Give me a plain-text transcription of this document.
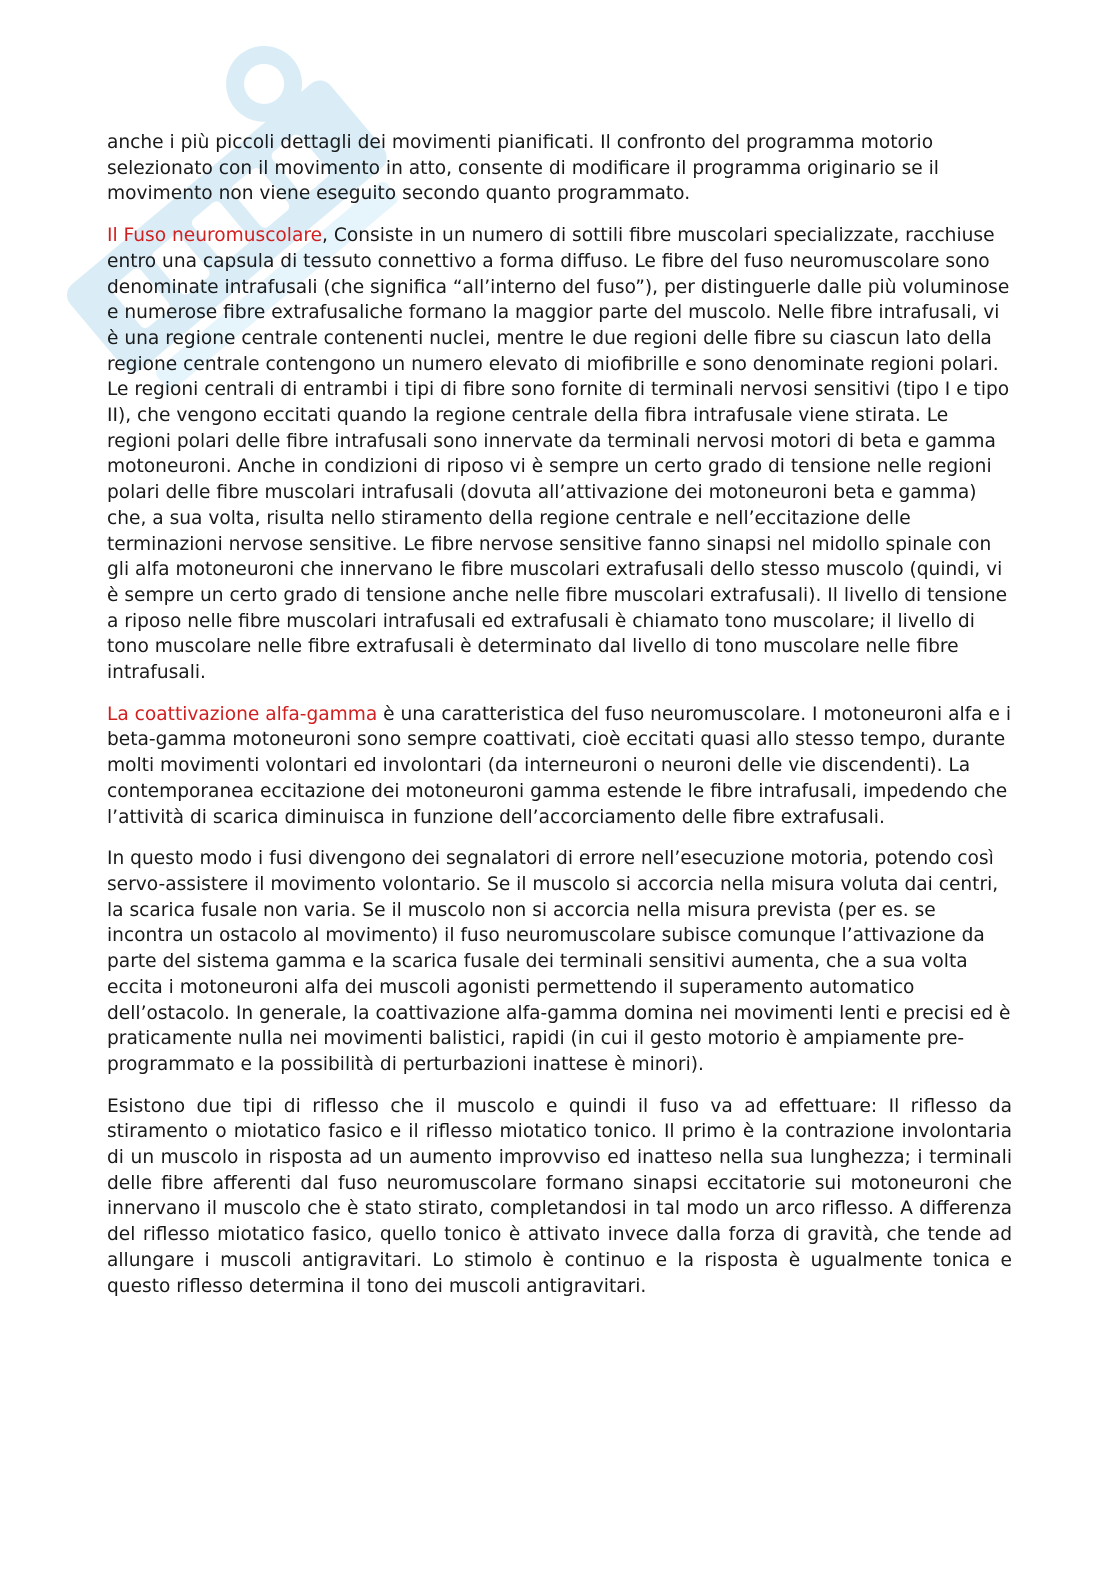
anche i più piccoli dettagli dei movimenti pianificati. Il confronto del programma motorio selezionato con il movimento in atto, consente di modificare il programma originario se il movimento non viene eseguito secondo quanto programmato.

Il Fuso neuromuscolare, Consiste in un numero di sottili fibre muscolari specializzate, racchiuse entro una capsula di tessuto connettivo a forma diffuso. Le fibre del fuso neuromuscolare sono denominate intrafusali (che significa “all’interno del fuso”), per distinguerle dalle più voluminose e numerose fibre extrafusaliche formano la maggior parte del muscolo. Nelle fibre intrafusali, vi è una regione centrale contenenti nuclei, mentre le due regioni delle fibre su ciascun lato della regione centrale contengono un numero elevato di miofibrille e sono denominate regioni polari. Le regioni centrali di entrambi i tipi di fibre sono fornite di terminali nervosi sensitivi (tipo I e tipo II), che vengono eccitati quando la regione centrale della fibra intrafusale viene stirata. Le regioni polari delle fibre intrafusali sono innervate da terminali nervosi motori di beta e gamma motoneuroni. Anche in condizioni di riposo vi è sempre un certo grado di tensione nelle regioni polari delle fibre muscolari intrafusali (dovuta all’attivazione dei motoneuroni beta e gamma) che, a sua volta, risulta nello stiramento della regione centrale e nell’eccitazione delle terminazioni nervose sensitive. Le fibre nervose sensitive fanno sinapsi nel midollo spinale con gli alfa motoneuroni che innervano le fibre muscolari extrafusali dello stesso muscolo (quindi, vi è sempre un certo grado di tensione anche nelle fibre muscolari extrafusali). Il livello di tensione a riposo nelle fibre muscolari intrafusali ed extrafusali è chiamato tono muscolare; il livello di tono muscolare nelle fibre extrafusali è determinato dal livello di tono muscolare nelle fibre intrafusali.

La coattivazione alfa-gamma è una caratteristica del fuso neuromuscolare. I motoneuroni alfa e i beta-gamma motoneuroni sono sempre coattivati, cioè eccitati quasi allo stesso tempo, durante molti movimenti volontari ed involontari (da interneuroni o neuroni delle vie discendenti). La contemporanea eccitazione dei motoneuroni gamma estende le fibre intrafusali, impedendo che l’attività di scarica diminuisca in funzione dell’accorciamento delle fibre extrafusali.

In questo modo i fusi divengono dei segnalatori di errore nell’esecuzione motoria, potendo così servo-assistere il movimento volontario. Se il muscolo si accorcia nella misura voluta dai centri, la scarica fusale non varia. Se il muscolo non si accorcia nella misura prevista (per es. se incontra un ostacolo al movimento) il fuso neuromuscolare subisce comunque l’attivazione da parte del sistema gamma e la scarica fusale dei terminali sensitivi aumenta, che a sua volta eccita i motoneuroni alfa dei muscoli agonisti permettendo il superamento automatico dell’ostacolo. In generale, la coattivazione alfa-gamma domina nei movimenti lenti e precisi ed è praticamente nulla nei movimenti balistici, rapidi (in cui il gesto motorio è ampiamente pre-programmato e la possibilità di perturbazioni inattese è minori).

Esistono due tipi di riflesso che il muscolo e quindi il fuso va ad effettuare: Il riflesso da stiramento o miotatico fasico e il riflesso miotatico tonico. Il primo è la contrazione involontaria di un muscolo in risposta ad un aumento improvviso ed inatteso nella sua lunghezza; i terminali delle fibre afferenti dal fuso neuromuscolare formano sinapsi eccitatorie sui motoneuroni che innervano il muscolo che è stato stirato, completandosi in tal modo un arco riflesso. A differenza del riflesso miotatico fasico, quello tonico è attivato invece dalla forza di gravità, che tende ad allungare i muscoli antigravitari. Lo stimolo è continuo e la risposta è ugualmente tonica e questo riflesso determina il tono dei muscoli antigravitari.
